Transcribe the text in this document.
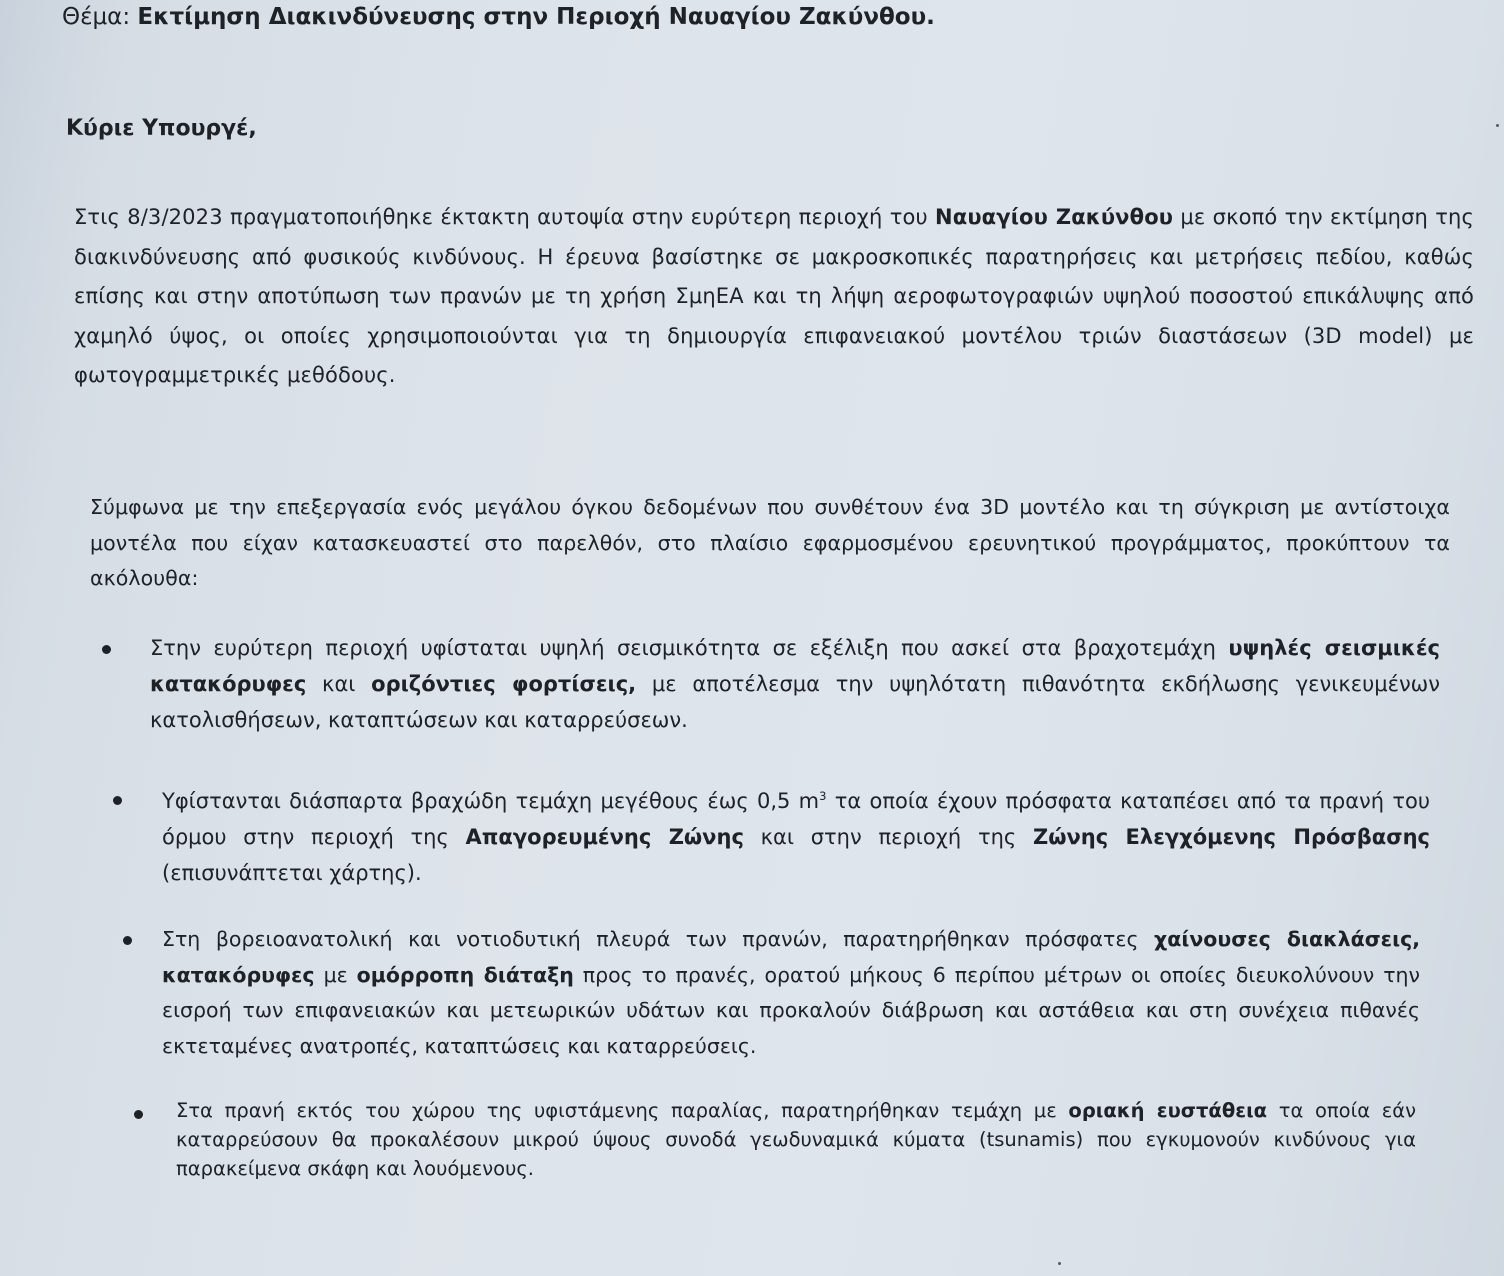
Θέμα: Εκτίμηση Διακινδύνευσης στην Περιοχή Ναυαγίου Ζακύνθου.
Κύριε Υπουργέ,
Στις 8/3/2023 πραγματοποιήθηκε έκτακτη αυτοψία στην ευρύτερη περιοχή του Ναυαγίου Ζακύνθου με σκοπό την εκτίμηση της διακινδύνευσης από φυσικούς κινδύνους. Η έρευνα βασίστηκε σε μακροσκοπικές παρατηρήσεις και μετρήσεις πεδίου, καθώς επίσης και στην αποτύπωση των πρανών με τη χρήση ΣμηΕΑ και τη λήψη αεροφωτογραφιών υψηλού ποσοστού επικάλυψης από χαμηλό ύψος, οι οποίες χρησιμοποιούνται για τη δημιουργία επιφανειακού μοντέλου τριών διαστάσεων (3D model) με φωτογραμμετρικές μεθόδους.
Σύμφωνα με την επεξεργασία ενός μεγάλου όγκου δεδομένων που συνθέτουν ένα 3D μοντέλο και τη σύγκριση με αντίστοιχα μοντέλα που είχαν κατασκευαστεί στο παρελθόν, στο πλαίσιο εφαρμοσμένου ερευνητικού προγράμματος, προκύπτουν τα ακόλουθα:
Στην ευρύτερη περιοχή υφίσταται υψηλή σεισμικότητα σε εξέλιξη που ασκεί στα βραχοτεμάχη υψηλές σεισμικές κατακόρυφες και οριζόντιες φορτίσεις, με αποτέλεσμα την υψηλότατη πιθανότητα εκδήλωσης γενικευμένων κατολισθήσεων, καταπτώσεων και καταρρεύσεων.
Υφίστανται διάσπαρτα βραχώδη τεμάχη μεγέθους έως 0,5 $m^3$ τα οποία έχουν πρόσφατα καταπέσει από τα πρανή του όρμου στην περιοχή της Απαγορευμένης Ζώνης και στην περιοχή της Ζώνης Ελεγχόμενης Πρόσβασης (επισυνάπτεται χάρτης).
Στη βορειοανατολική και νοτιοδυτική πλευρά των πρανών, παρατηρήθηκαν πρόσφατες χαίνουσες διακλάσεις, κατακόρυφες με ομόρροπη διάταξη προς το πρανές, ορατού μήκους 6 περίπου μέτρων οι οποίες διευκολύνουν την εισροή των επιφανειακών και μετεωρικών υδάτων και προκαλούν διάβρωση και αστάθεια και στη συνέχεια πιθανές εκτεταμένες ανατροπές, καταπτώσεις και καταρρεύσεις.
Στα πρανή εκτός του χώρου της υφιστάμενης παραλίας, παρατηρήθηκαν τεμάχη με οριακή ευστάθεια τα οποία εάν καταρρεύσουν θα προκαλέσουν μικρού ύψους συνοδά γεωδυναμικά κύματα (tsunamis) που εγκυμονούν κινδύνους για παρακείμενα σκάφη και λουόμενους.
